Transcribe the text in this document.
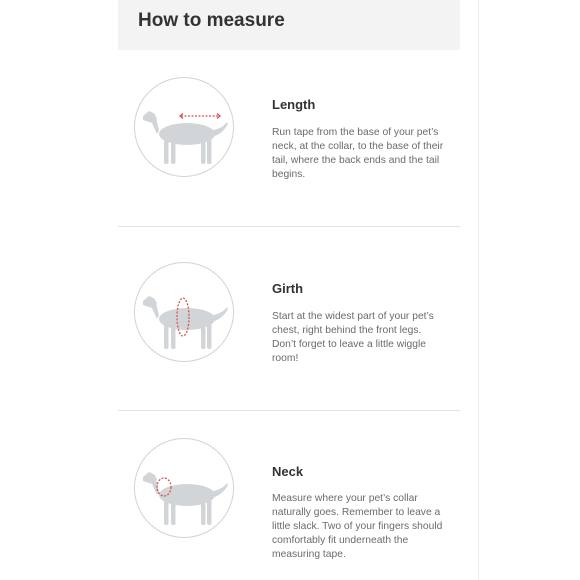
How to measure
Length
Run tape from the base of your pet’s neck, at the collar, to the base of their tail, where the back ends and the tail begins.
Girth
Start at the widest part of your pet’s chest, right behind the front legs. Don’t forget to leave a little wiggle room!
Neck
Measure where your pet’s collar naturally goes. Remember to leave a little slack. Two of your fingers should comfortably fit underneath the measuring tape.
